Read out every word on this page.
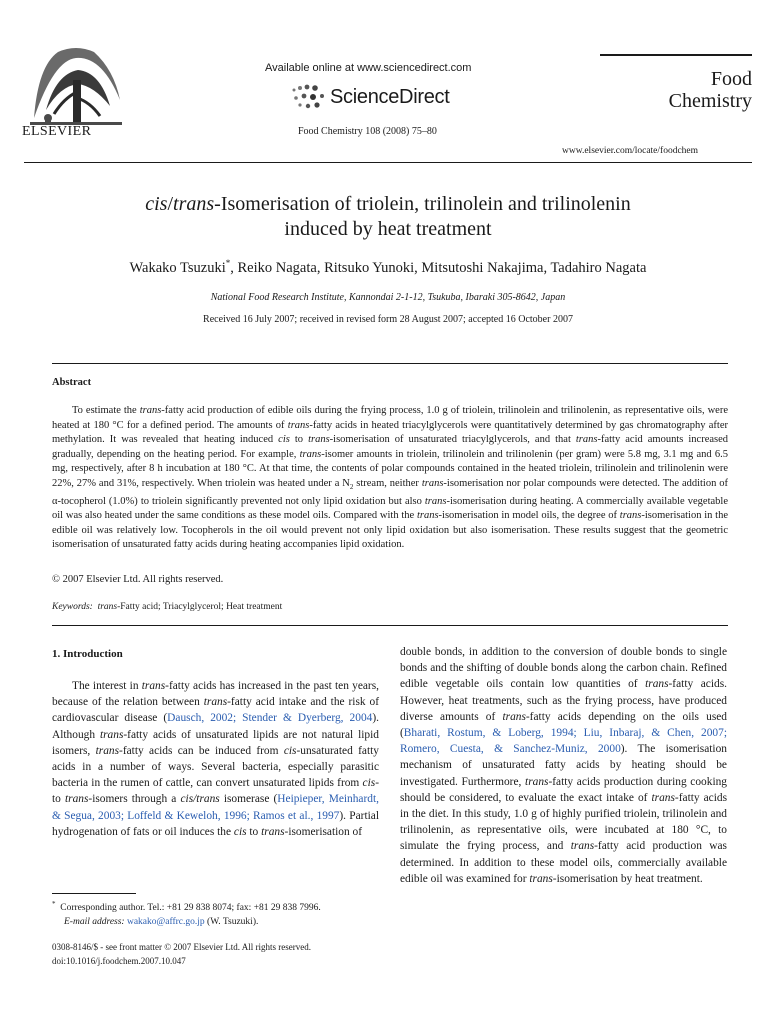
ELSEVIER
Available online at www.sciencedirect.com
ScienceDirect
Food Chemistry 108 (2008) 75–80
Food
Chemistry
www.elsevier.com/locate/foodchem
cis/trans-Isomerisation of triolein, trilinolein and trilinolenin
induced by heat treatment
Wakako Tsuzuki*, Reiko Nagata, Ritsuko Yunoki, Mitsutoshi Nakajima, Tadahiro Nagata
National Food Research Institute, Kannondai 2-1-12, Tsukuba, Ibaraki 305-8642, Japan
Received 16 July 2007; received in revised form 28 August 2007; accepted 16 October 2007
Abstract

To estimate the trans-fatty acid production of edible oils during the frying process, 1.0 g of triolein, trilinolein and trilinolenin, as representative oils, were heated at 180 °C for a defined period. The amounts of trans-fatty acids in heated triacylglycerols were quantitatively determined by gas chromatography after methylation. It was revealed that heating induced cis to trans-isomerisation of unsaturated triacylglycerols, and that trans-fatty acid amounts increased gradually, depending on the heating period. For example, trans-isomer amounts in triolein, trilinolein and trilinolenin (per gram) were 5.8 mg, 3.1 mg and 6.5 mg, respectively, after 8 h incubation at 180 °C. At that time, the contents of polar compounds contained in the heated triolein, trilinolein and trilinolenin were 22%, 27% and 31%, respectively. When triolein was heated under a $N_2$ stream, neither trans-isomerisation nor polar compounds were detected. The addition of α-tocopherol (1.0%) to triolein significantly prevented not only lipid oxidation but also trans-isomerisation during heating. A commercially available vegetable oil was also heated under the same conditions as these model oils. Compared with the trans-isomerisation in model oils, the degree of trans-isomerisation in the edible oil was relatively low. Tocopherols in the oil would prevent not only lipid oxidation but also isomerisation. These results suggest that the geometric isomerisation of unsaturated fatty acids during heating accompanies lipid oxidation.

© 2007 Elsevier Ltd. All rights reserved.
Keywords: trans-Fatty acid; Triacylglycerol; Heat treatment
1. Introduction

The interest in trans-fatty acids has increased in the past ten years, because of the relation between trans-fatty acid intake and the risk of cardiovascular disease (Dausch, 2002; Stender & Dyerberg, 2004). Although trans-fatty acids of unsaturated lipids are not natural lipid isomers, trans-fatty acids can be induced from cis-unsaturated fatty acids in a number of ways. Several bacteria, especially parasitic bacteria in the rumen of cattle, can convert unsaturated lipids from cis- to trans-isomers through a cis/trans isomerase (Heipieper, Meinhardt, & Segua, 2003; Loffeld & Keweloh, 1996; Ramos et al., 1997). Partial hydrogenation of fats or oil induces the cis to trans-isomerisation of

double bonds, in addition to the conversion of double bonds to single bonds and the shifting of double bonds along the carbon chain. Refined edible vegetable oils contain low quantities of trans-fatty acids. However, heat treatments, such as the frying process, have produced diverse amounts of trans-fatty acids depending on the oils used (Bharati, Rostum, & Loberg, 1994; Liu, Inbaraj, & Chen, 2007; Romero, Cuesta, & Sanchez-Muniz, 2000). The isomerisation mechanism of unsaturated fatty acids by heating should be investigated. Furthermore, trans-fatty acids production during cooking should be considered, to evaluate the exact intake of trans-fatty acids in the diet. In this study, 1.0 g of highly purified triolein, trilinolein and trilinolenin, as representative oils, were incubated at 180 °C, to simulate the frying process, and trans-fatty acid production was determined. In addition to these model oils, commercially available edible oil was examined for trans-isomerisation by heat treatment.

* Corresponding author. Tel.: +81 29 838 8074; fax: +81 29 838 7996.
E-mail address: wakako@affrc.go.jp (W. Tsuzuki).
0308-8146/$ - see front matter © 2007 Elsevier Ltd. All rights reserved.
doi:10.1016/j.foodchem.2007.10.047
